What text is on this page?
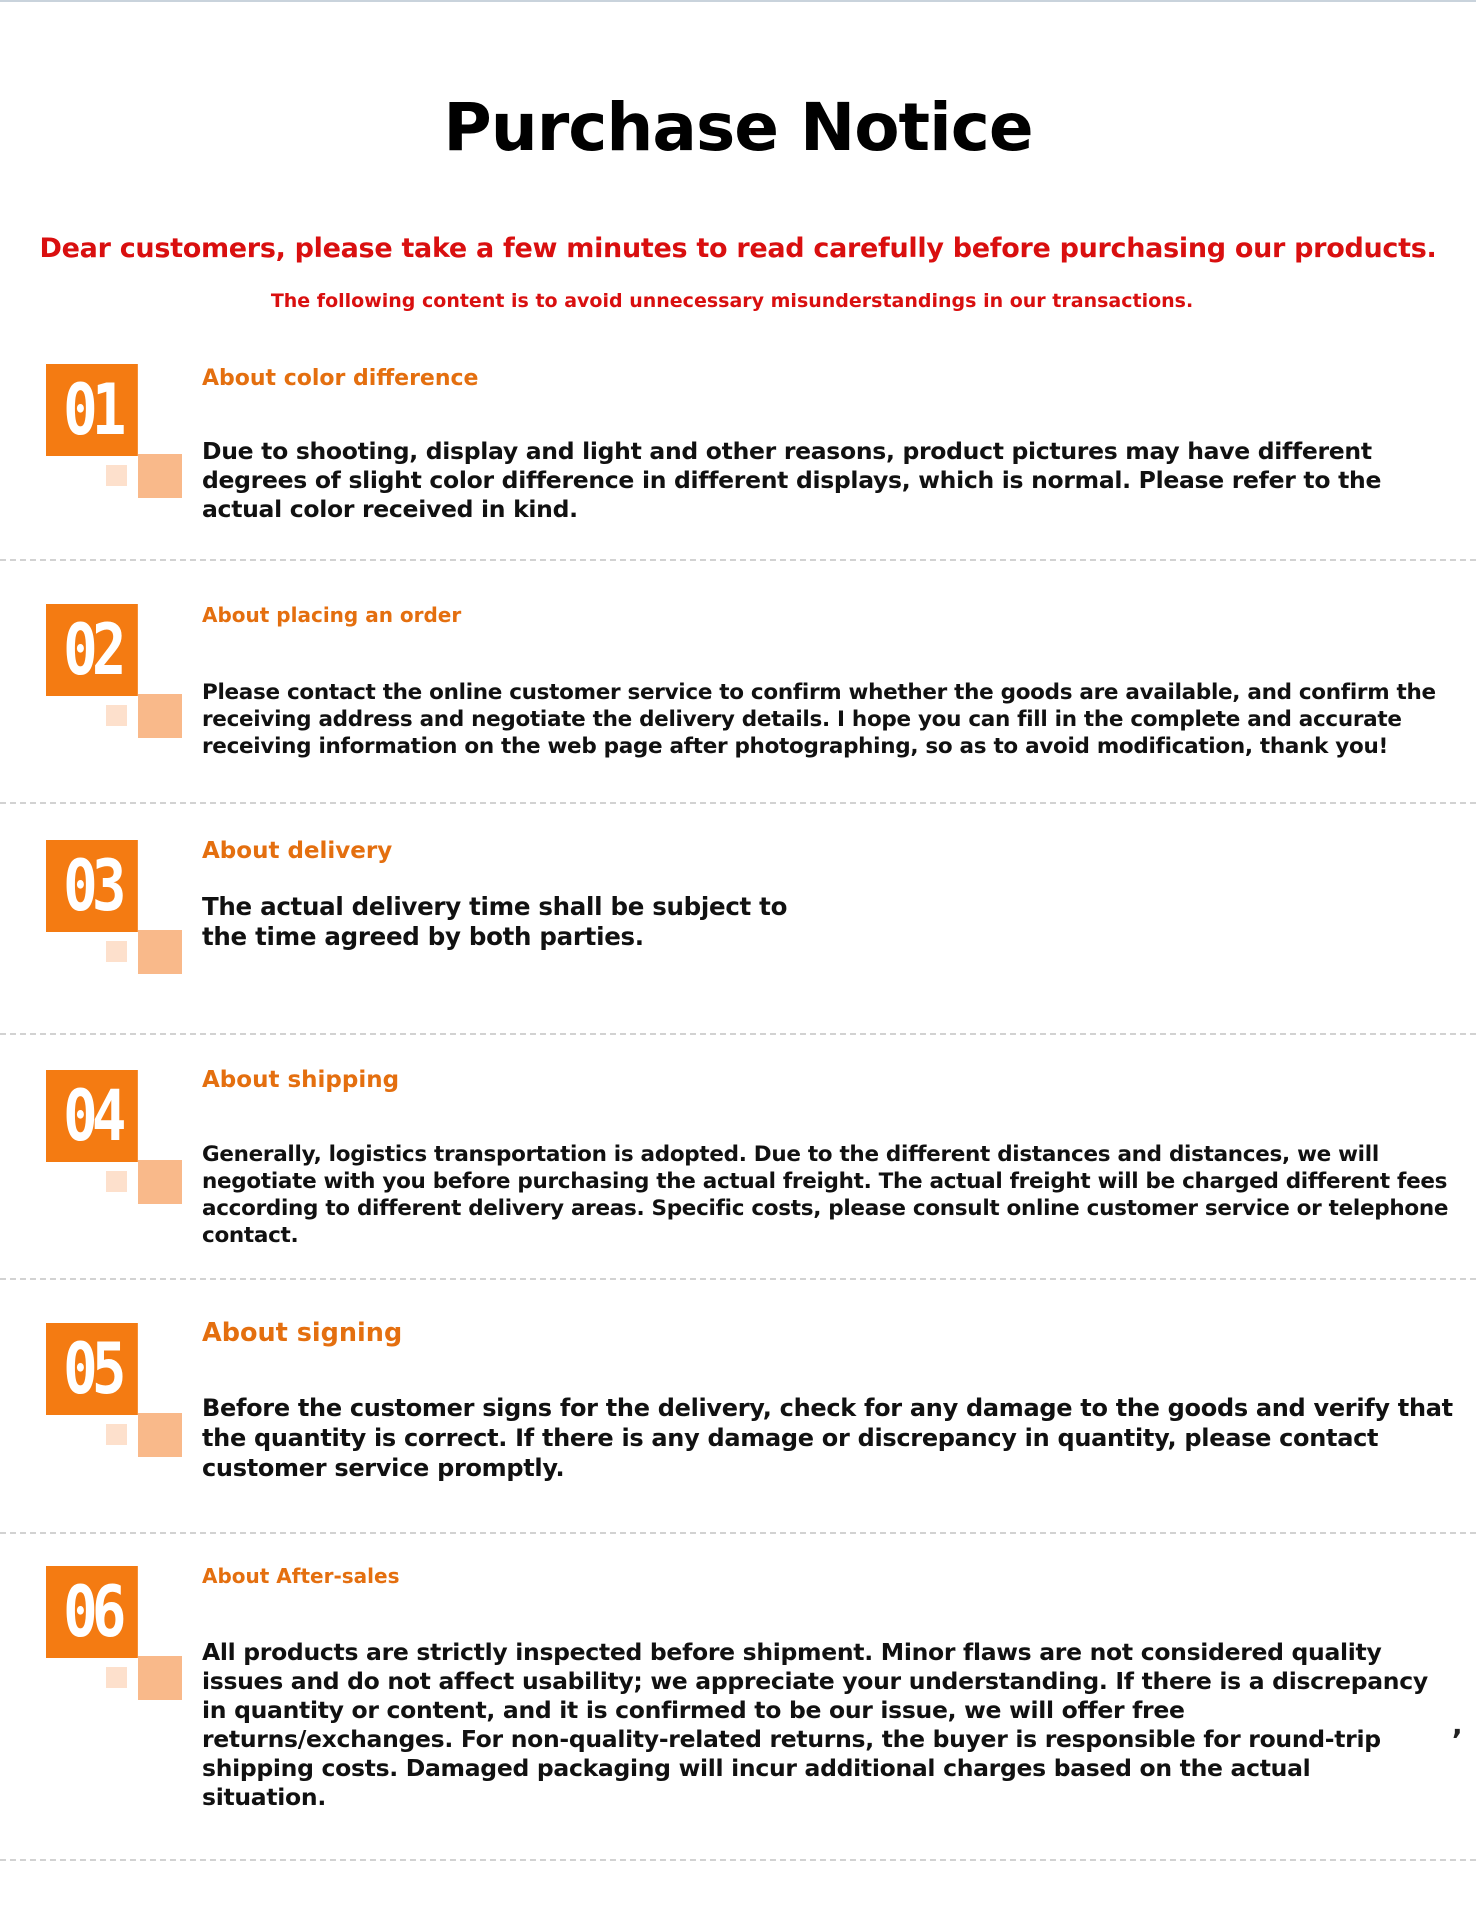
Purchase Notice
Dear customers, please take a few minutes to read carefully before purchasing our products.
The following content is to avoid unnecessary misunderstandings in our transactions.
01	About color difference
Due to shooting, display and light and other reasons, product pictures may have different degrees of slight color difference in different displays, which is normal. Please refer to the actual color received in kind.
02	About placing an order
Please contact the online customer service to confirm whether the goods are available, and confirm the receiving address and negotiate the delivery details. I hope you can fill in the complete and accurate receiving information on the web page after photographing, so as to avoid modification, thank you!
03	About delivery
The actual delivery time shall be subject to the time agreed by both parties.
04	About shipping
Generally, logistics transportation is adopted. Due to the different distances and distances, we will negotiate with you before purchasing the actual freight. The actual freight will be charged different fees according to different delivery areas. Specific costs, please consult online customer service or telephone contact.
05	About signing
Before the customer signs for the delivery, check for any damage to the goods and verify that the quantity is correct. If there is any damage or discrepancy in quantity, please contact customer service promptly.
06	About After-sales
All products are strictly inspected before shipment. Minor flaws are not considered quality issues and do not affect usability; we appreciate your understanding. If there is a discrepancy in quantity or content, and it is confirmed to be our issue, we will offer free returns/exchanges. For non-quality-related returns, the buyer is responsible for round-trip shipping costs. Damaged packaging will incur additional charges based on the actual situation.
,
